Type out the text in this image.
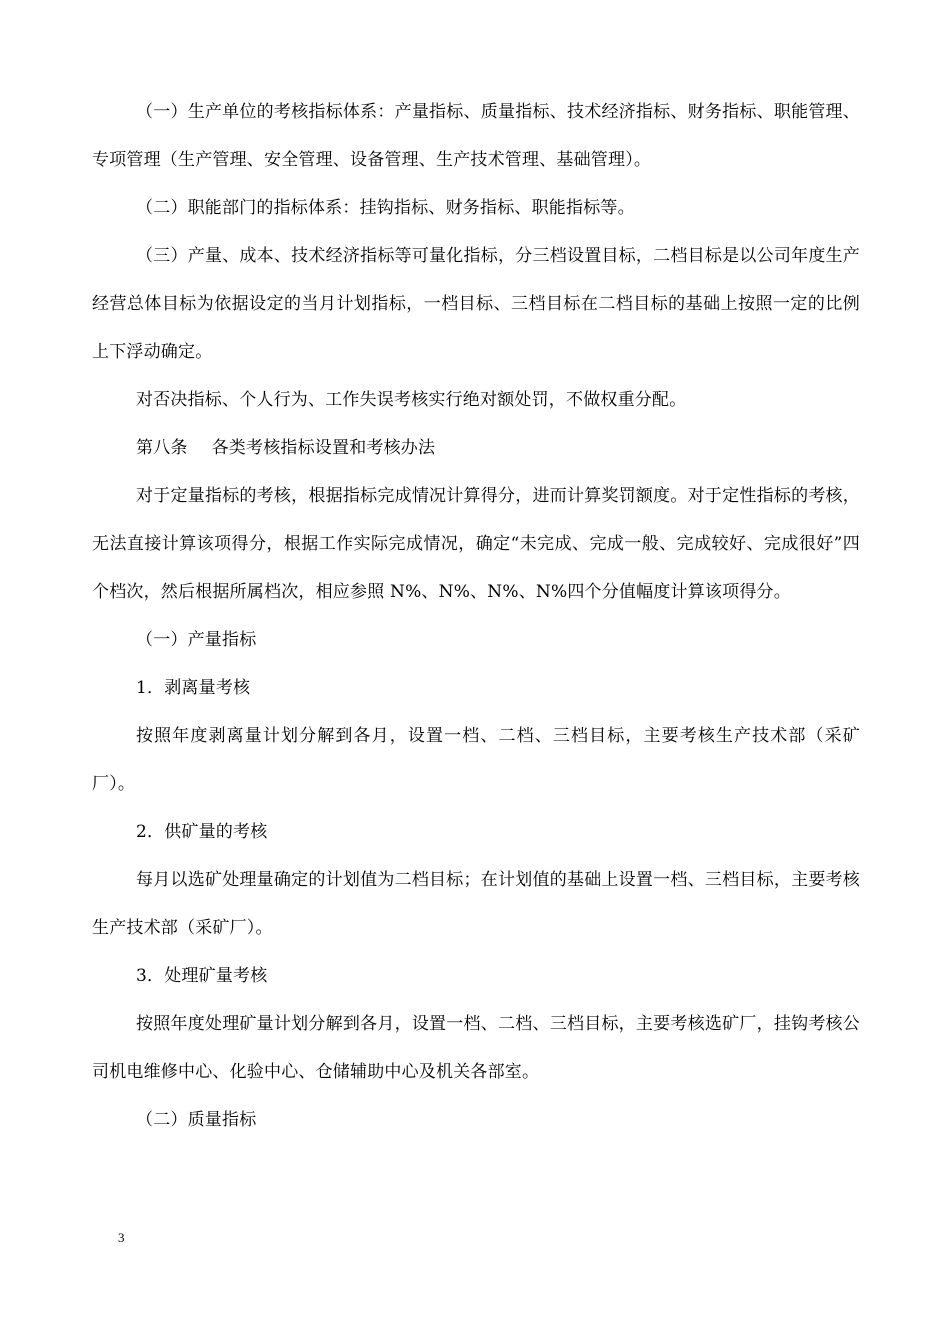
（一）生产单位的考核指标体系：产量指标、质量指标、技术经济指标、财务指标、职能管理、专项管理（生产管理、安全管理、设备管理、生产技术管理、基础管理）。

（二）职能部门的指标体系：挂钩指标、财务指标、职能指标等。

（三）产量、成本、技术经济指标等可量化指标，分三档设置目标，二档目标是以公司年度生产经营总体目标为依据设定的当月计划指标，一档目标、三档目标在二档目标的基础上按照一定的比例上下浮动确定。

对否决指标、个人行为、工作失误考核实行绝对额处罚，不做权重分配。

第八条 各类考核指标设置和考核办法

对于定量指标的考核，根据指标完成情况计算得分，进而计算奖罚额度。对于定性指标的考核，无法直接计算该项得分，根据工作实际完成情况，确定“未完成、完成一般、完成较好、完成很好”四个档次，然后根据所属档次，相应参照 N%、N%、N%、N%四个分值幅度计算该项得分。

（一）产量指标

1．剥离量考核

按照年度剥离量计划分解到各月，设置一档、二档、三档目标，主要考核生产技术部（采矿厂）。

2．供矿量的考核

每月以选矿处理量确定的计划值为二档目标；在计划值的基础上设置一档、三档目标，主要考核生产技术部（采矿厂）。

3．处理矿量考核

按照年度处理矿量计划分解到各月，设置一档、二档、三档目标，主要考核选矿厂，挂钩考核公司机电维修中心、化验中心、仓储辅助中心及机关各部室。

（二）质量指标

3
